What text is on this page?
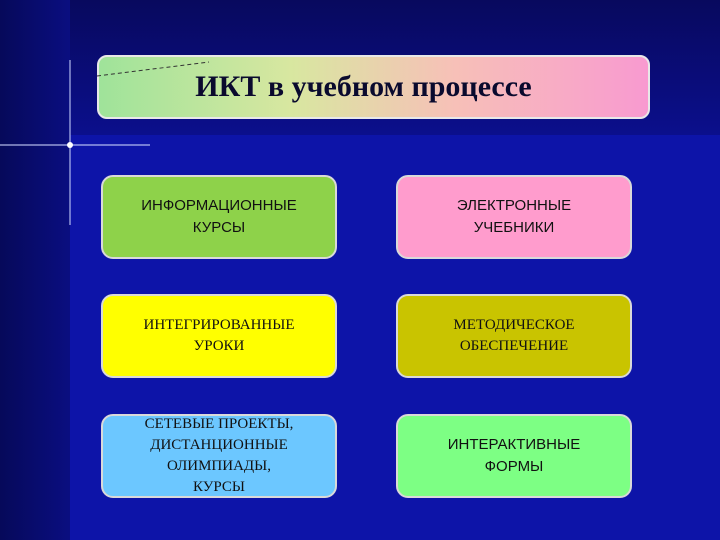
ИКТ в учебном процессе
ИНФОРМАЦИОННЫЕ
КУРСЫ
ЭЛЕКТРОННЫЕ
УЧЕБНИКИ
ИНТЕГРИРОВАННЫЕ
УРОКИ
МЕТОДИЧЕСКОЕ
ОБЕСПЕЧЕНИЕ
СЕТЕВЫЕ ПРОЕКТЫ,
ДИСТАНЦИОННЫЕ
ОЛИМПИАДЫ,
КУРСЫ
ИНТЕРАКТИВНЫЕ
ФОРМЫ
